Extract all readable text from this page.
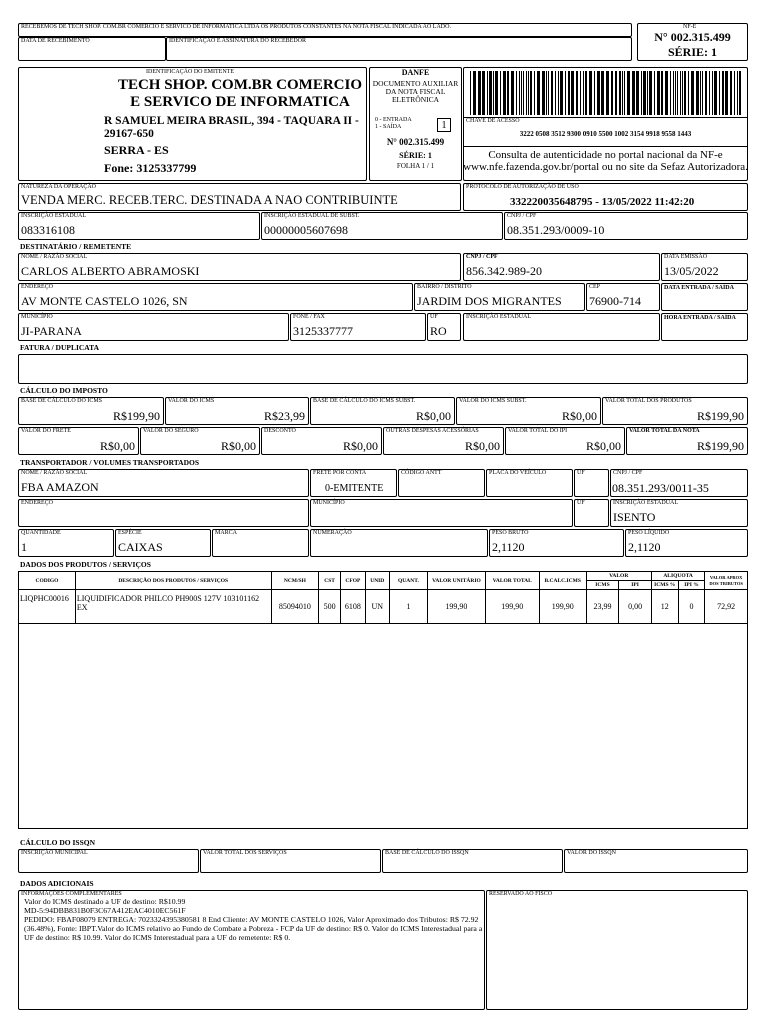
RECEBEMOS DE TECH SHOP. COM.BR COMERCIO E SERVICO DE INFORMATICA LTDA OS PRODUTOS CONSTANTES NA NOTA FISCAL INDICADA AO LADO.
DATA DE RECEBIMENTO	IDENTIFICAÇÃO E ASSINATURA DO RECEBEDOR
NF-E
N° 002.315.499
SÉRIE: 1
IDENTIFICAÇÃO DO EMITENTE
TECH SHOP. COM.BR COMERCIO
E SERVICO DE INFORMATICA
R SAMUEL MEIRA BRASIL, 394 - TAQUARA II - 29167-650
SERRA - ES
Fone: 3125337799
DANFE
DOCUMENTO AUXILIAR
DA NOTA FISCAL
ELETRÔNICA
0 - ENTRADA
1 - SAÍDA	1
N° 002.315.499
SÉRIE: 1
FOLHA 1 / 1
CHAVE DE ACESSO
3222 0508 3512 9300 0910 5500 1002 3154 9918 9558 1443
Consulta de autenticidade no portal nacional da NF-e
www.nfe.fazenda.gov.br/portal ou no site da Sefaz Autorizadora.
NATUREZA DA OPERAÇÃO
VENDA MERC. RECEB.TERC. DESTINADA A NAO CONTRIBUINTE
PROTOCOLO DE AUTORIZAÇÃO DE USO
332220035648795 - 13/05/2022 11:42:20
INSCRIÇÃO ESTADUAL
083316108
INSCRIÇÃO ESTADUAL DE SUBST.
00000005607698
CNPJ / CPF
08.351.293/0009-10
DESTINATÁRIO / REMETENTE
NOME / RAZÃO SOCIAL
CARLOS ALBERTO ABRAMOSKI
CNPJ / CPF
856.342.989-20
DATA EMISSÃO
13/05/2022
ENDEREÇO
AV MONTE CASTELO 1026, SN
BAIRRO / DISTRITO
JARDIM DOS MIGRANTES
CEP
76900-714
DATA ENTRADA / SAÍDA
MUNICÍPIO
JI-PARANA
FONE / FAX
3125337777
UF
RO
INSCRIÇÃO ESTADUAL	HORA ENTRADA / SAÍDA
FATURA / DUPLICATA
CÁLCULO DO IMPOSTO
BASE DE CÁLCULO DO ICMS
R$199,90
VALOR DO ICMS
R$23,99
BASE DE CÁLCULO DO ICMS SUBST.
R$0,00
VALOR DO ICMS SUBST.
R$0,00
VALOR TOTAL DOS PRODUTOS
R$199,90
VALOR DO FRETE
R$0,00
VALOR DO SEGURO
R$0,00
DESCONTO
R$0,00
OUTRAS DESPESAS ACESSÓRIAS
R$0,00
VALOR TOTAL DO IPI
R$0,00
VALOR TOTAL DA NOTA
R$199,90
TRANSPORTADOR / VOLUMES TRANSPORTADOS
NOME / RAZÃO SOCIAL
FBA AMAZON
FRETE POR CONTA
0-EMITENTE
CÓDIGO ANTT	PLACA DO VEÍCULO	UF	CNPJ / CPF
08.351.293/0011-35
ENDEREÇO	MUNICÍPIO	UF	INSCRIÇÃO ESTADUAL
ISENTO
QUANTIDADE
1
ESPÉCIE
CAIXAS
MARCA	NUMERAÇÃO	PESO BRUTO
2,1120
PESO LÍQUIDO
2,1120
DADOS DOS PRODUTOS / SERVIÇOS
CODIGO	DESCRIÇÃO DOS PRODUTOS / SERVIÇOS	NCM/SH	CST	CFOP	UNID	QUANT.	VALOR UNITÁRIO	VALOR TOTAL	B.CALC.ICMS	VALOR		ALIQUOTA		VALOR APROX DOS TRIBUTOS
										ICMS	IPI	ICMS %	IPI %	
LIQPHC00016	LIQUIDIFICADOR PHILCO PH900S 127V 103101162 EX	85094010	500	6108	UN	1	199,90	199,90	199,90	23,99	0,00	12	0	72,92
CÁLCULO DO ISSQN
INSCRIÇÃO MUNICIPAL	VALOR TOTAL DOS SERVIÇOS	BASE DE CÁLCULO DO ISSQN	VALOR DO ISSQN
DADOS ADICIONAIS
INFORMAÇÕES COMPLEMENTARES
Valor do ICMS destinado a UF de destino: R$10.99
MD-5:94DBB831B0F3C67A412EAC4010EC561F
PEDIDO: FBAF08079 ENTREGA: 7023324395380581 8 End Cliente: AV MONTE CASTELO 1026, Valor Aproximado dos Tributos: R$ 72.92
(36.48%), Fonte: IBPT.Valor do ICMS relativo ao Fundo de Combate a Pobreza - FCP da UF de destino: R$ 0. Valor do ICMS Interestadual para a
UF de destino: R$ 10.99. Valor do ICMS Interestadual para a UF do remetente: R$ 0.
RESERVADO AO FISCO
